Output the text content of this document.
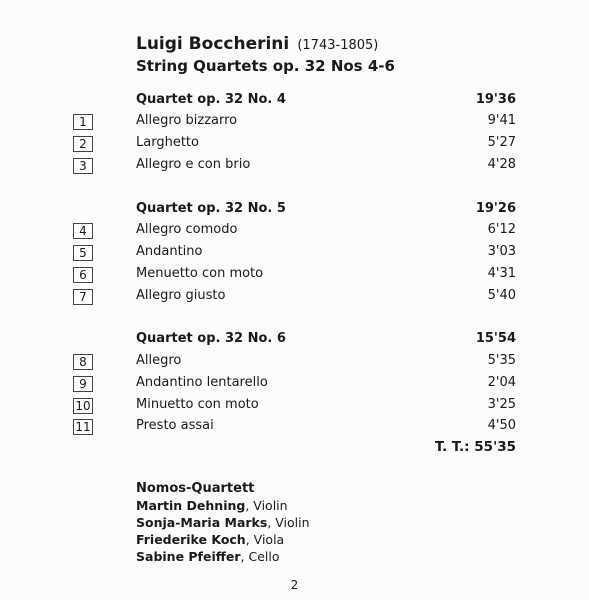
Luigi Boccherini (1743-1805)
String Quartets op. 32 Nos 4-6
Quartet op. 32 No. 4	19'36
1	Allegro bizzarro	9'41
2	Larghetto	5'27
3	Allegro e con brio	4'28
Quartet op. 32 No. 5	19'26
4	Allegro comodo	6'12
5	Andantino	3'03
6	Menuetto con moto	4'31
7	Allegro giusto	5'40
Quartet op. 32 No. 6	15'54
8	Allegro	5'35
9	Andantino lentarello	2'04
10	Minuetto con moto	3'25
11	Presto assai	4'50
T. T.: 55'35
Nomos-Quartett
Martin Dehning, Violin
Sonja-Maria Marks, Violin
Friederike Koch, Viola
Sabine Pfeiffer, Cello
2
